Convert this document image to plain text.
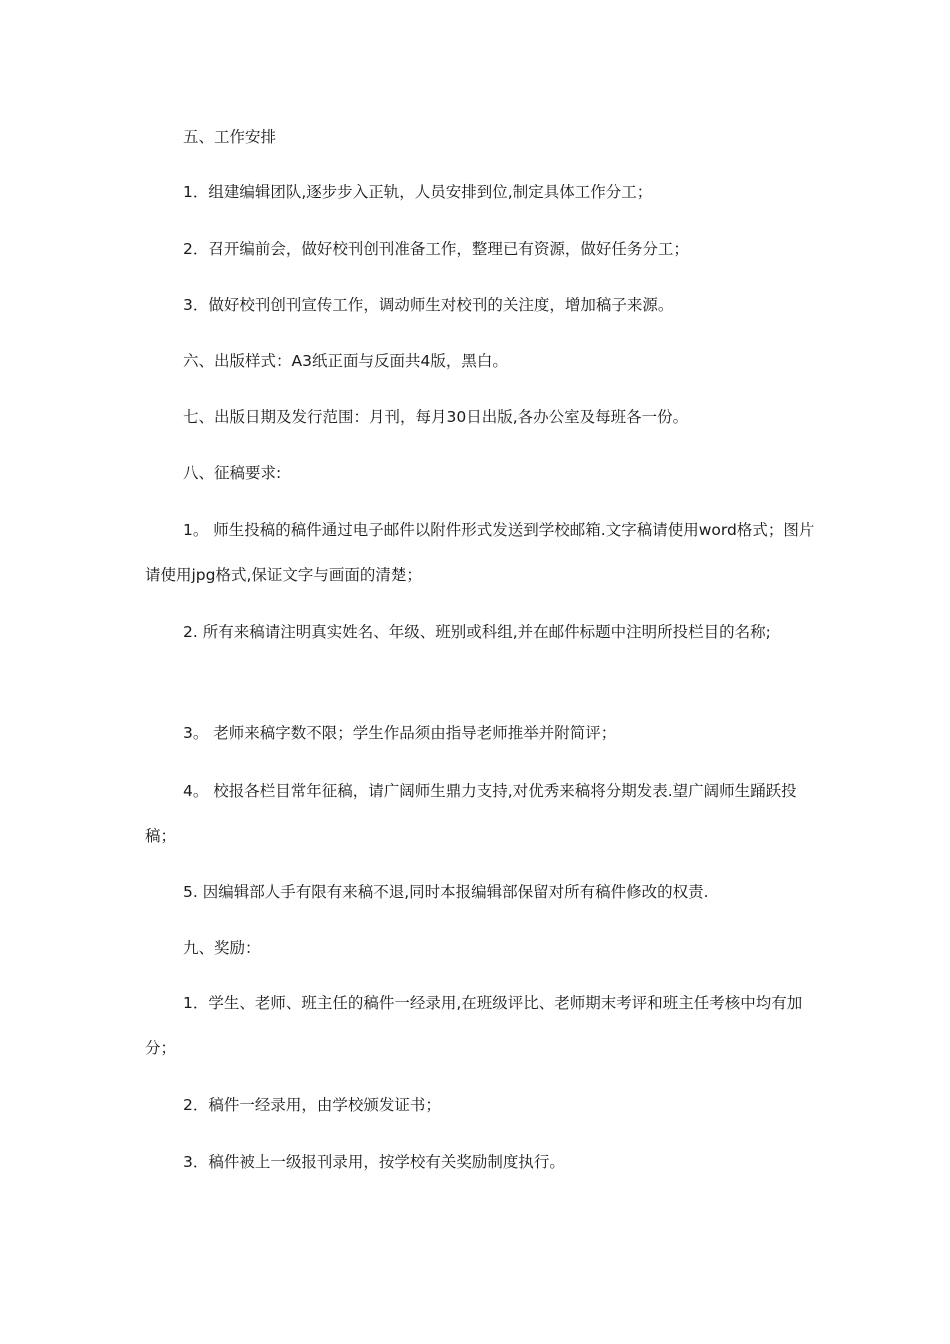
五、工作安排

1．组建编辑团队,逐步步入正轨，人员安排到位,制定具体工作分工；

2．召开编前会，做好校刊创刊准备工作，整理已有资源，做好任务分工；

3．做好校刊创刊宣传工作，调动师生对校刊的关注度，增加稿子来源。

六、出版样式：A3纸正面与反面共4版，黑白。

七、出版日期及发行范围：月刊，每月30日出版,各办公室及每班各一份。

八、征稿要求:

1。 师生投稿的稿件通过电子邮件以附件形式发送到学校邮箱.文字稿请使用word格式；图片请使用jpg格式,保证文字与画面的清楚；

2. 所有来稿请注明真实姓名、年级、班别或科组,并在邮件标题中注明所投栏目的名称;

3。 老师来稿字数不限；学生作品须由指导老师推举并附简评；

4。 校报各栏目常年征稿，请广阔师生鼎力支持,对优秀来稿将分期发表.望广阔师生踊跃投稿；

5. 因编辑部人手有限有来稿不退,同时本报编辑部保留对所有稿件修改的权责.

九、奖励：

1．学生、老师、班主任的稿件一经录用,在班级评比、老师期末考评和班主任考核中均有加分；

2．稿件一经录用，由学校颁发证书；

3．稿件被上一级报刊录用，按学校有关奖励制度执行。
